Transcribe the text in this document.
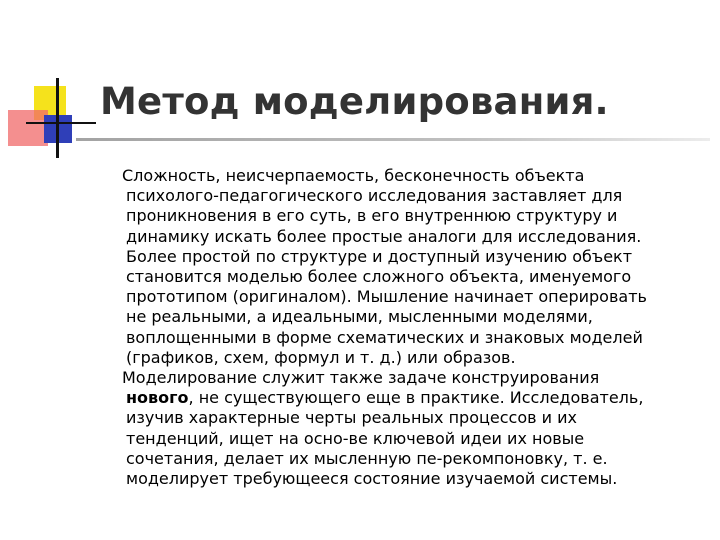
Метод моделирования.

Сложность, неисчерпаемость, бесконечность объекта
психолого-педагогического исследования заставляет для
проникновения в его суть, в его внутреннюю структуру и
динамику искать более простые аналоги для исследования.
Более простой по структуре и доступный изучению объект
становится моделью более сложного объекта, именуемого
прототипом (оригиналом). Мышление начинает оперировать
не реальными, а идеальными, мысленными моделями,
воплощенными в форме схематических и знаковых моделей
(графиков, схем, формул и т. д.) или образов.

Моделирование служит также задаче конструирования
нового, не существующего еще в практике. Исследователь,
изучив характерные черты реальных процессов и их
тенденций, ищет на осно-ве ключевой идеи их новые
сочетания, делает их мысленную пе-рекомпоновку, т. е.
моделирует требующееся состояние изучаемой системы.
